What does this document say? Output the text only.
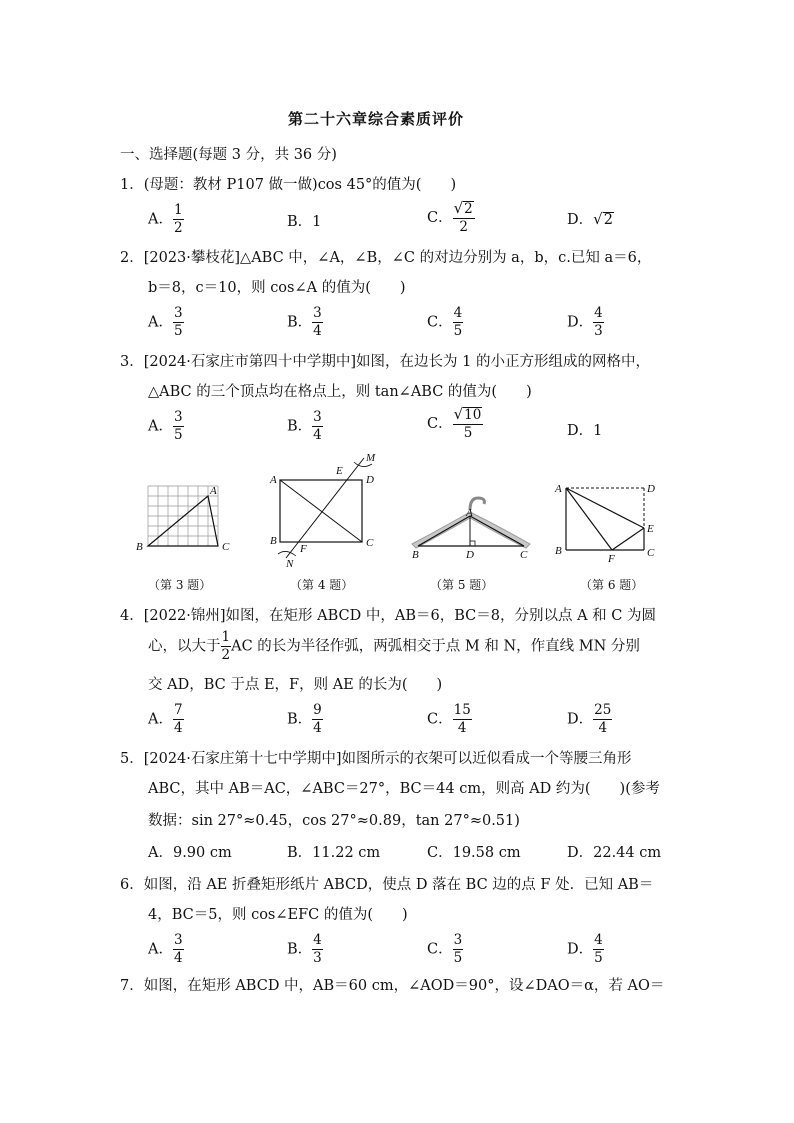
第二十六章综合素质评价
一、选择题(每题 3 分，共 36 分)
1．(母题：教材 P107 做一做)cos 45°的值为(　　)
A． $\frac{1}{2}$	B．1	C． $\frac{√ 2}{2}$	D． √ 2
2．[2023·攀枝花]△ABC 中，∠A，∠B，∠C 的对边分别为 a，b，c.已知 a＝6，
b＝8，c＝10，则 cos∠A 的值为(　　)
A． $\frac{3}{5}$	B． $\frac{3}{4}$	C． $\frac{4}{5}$	D． $\frac{4}{3}$
3．[2024·石家庄市第四十中学期中]如图，在边长为 1 的小正方形组成的网格中，
△ABC 的三个顶点均在格点上，则 tan∠ABC 的值为(　　)
A． $\frac{3}{5}$	B． $\frac{3}{4}$	C． $\frac{√ 10}{5}$	D．1
A
B	C
（第 3 题）
A
B	C
D
E
F
M
N
（第 4 题）
A
B	C
D
（第 5 题）
A
B	C
D
E
F
（第 6 题）
4．[2022·锦州]如图，在矩形 ABCD 中，AB＝6，BC＝8，分别以点 A 和 C 为圆
心，以大于 $\frac{1}{2}$ AC 的长为半径作弧，两弧相交于点 M 和 N，作直线 MN 分别
交 AD，BC 于点 E，F，则 AE 的长为(　　)
A． $\frac{7}{4}$	B． $\frac{9}{4}$	C． $\frac{15}{4}$	D． $\frac{25}{4}$
5．[2024·石家庄第十七中学期中]如图所示的衣架可以近似看成一个等腰三角形
ABC，其中 AB＝AC，∠ABC＝27°，BC＝44 cm，则高 AD 约为(　　)(参考
数据：sin 27°≈0.45，cos 27°≈0.89，tan 27°≈0.51)
A．9.90 cm	B．11.22 cm	C．19.58 cm	D．22.44 cm
6．如图，沿 AE 折叠矩形纸片 ABCD，使点 D 落在 BC 边的点 F 处．已知 AB＝
4，BC＝5，则 cos∠EFC 的值为(　　)
A． $\frac{3}{4}$	B． $\frac{4}{3}$	C． $\frac{3}{5}$	D． $\frac{4}{5}$
7．如图，在矩形 ABCD 中，AB＝60 cm，∠AOD＝90°，设∠DAO＝α，若 AO＝
